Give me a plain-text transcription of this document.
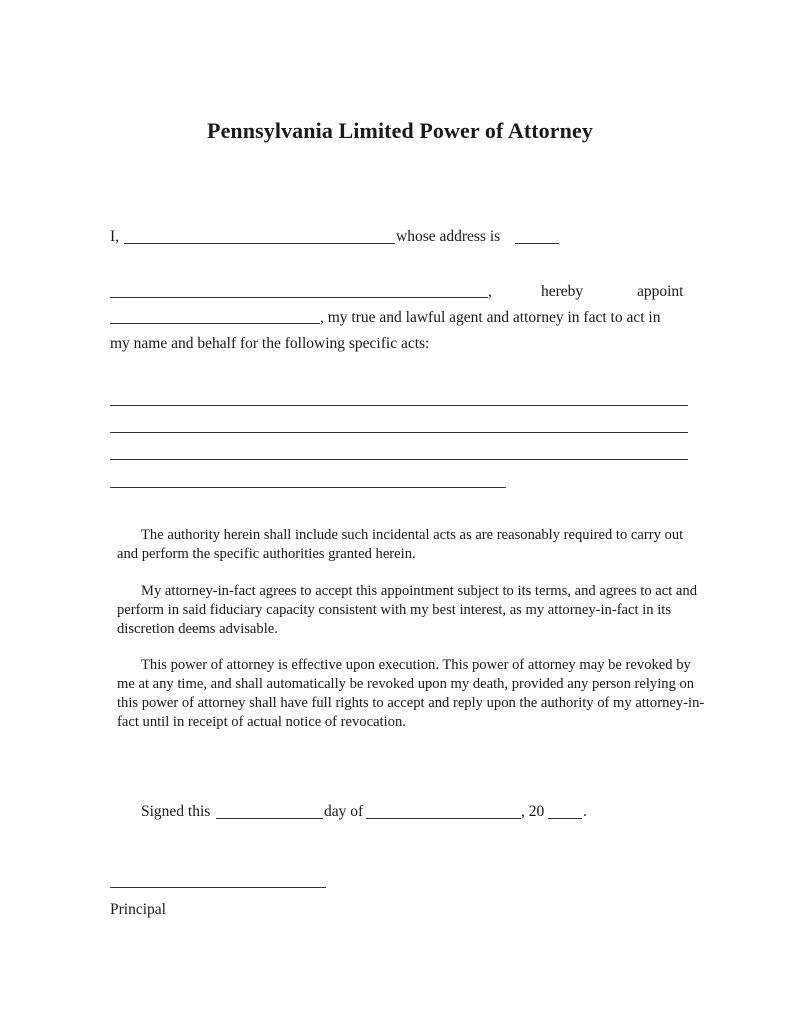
Pennsylvania Limited Power of Attorney
I,	whose address is
,	hereby	appoint
, my true and lawful agent and attorney in fact to act in
my name and behalf for the following specific acts:
The authority herein shall include such incidental acts as are reasonably required to carry out and perform the specific authorities granted herein.
My attorney-in-fact agrees to accept this appointment subject to its terms, and agrees to act and perform in said fiduciary capacity consistent with my best interest, as my attorney-in-fact in its discretion deems advisable.
This power of attorney is effective upon execution. This power of attorney may be revoked by me at any time, and shall automatically be revoked upon my death, provided any person relying on this power of attorney shall have full rights to accept and reply upon the authority of my attorney-in-fact until in receipt of actual notice of revocation.
Signed this	day of	, 20	.
Principal
